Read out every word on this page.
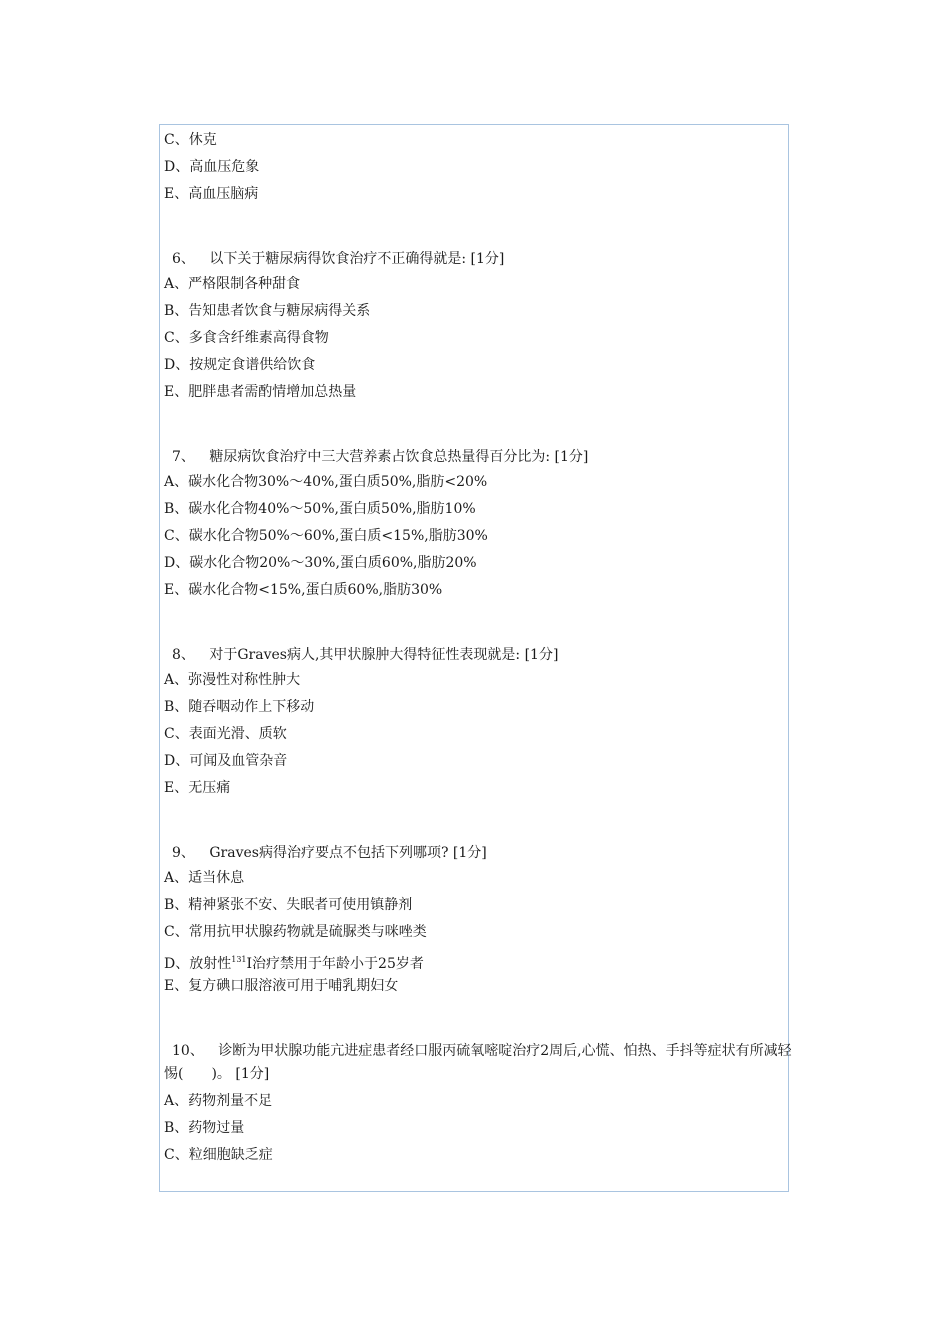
C、休克
D、高血压危象
E、高血压脑病
6、 以下关于糖尿病得饮食治疗不正确得就是: [1分]
A、严格限制各种甜食
B、告知患者饮食与糖尿病得关系
C、多食含纤维素高得食物
D、按规定食谱供给饮食
E、肥胖患者需酌情增加总热量
7、 糖尿病饮食治疗中三大营养素占饮食总热量得百分比为: [1分]
A、碳水化合物30%～40%,蛋白质50%,脂肪<20%
B、碳水化合物40%～50%,蛋白质50%,脂肪10%
C、碳水化合物50%～60%,蛋白质<15%,脂肪30%
D、碳水化合物20%～30%,蛋白质60%,脂肪20%
E、碳水化合物<15%,蛋白质60%,脂肪30%
8、 对于Graves病人,其甲状腺肿大得特征性表现就是: [1分]
A、弥漫性对称性肿大
B、随吞咽动作上下移动
C、表面光滑、质软
D、可闻及血管杂音
E、无压痛
9、 Graves病得治疗要点不包括下列哪项? [1分]
A、适当休息
B、精神紧张不安、失眠者可使用镇静剂
C、常用抗甲状腺药物就是硫脲类与咪唑类
D、放射性$^{131}$I治疗禁用于年龄小于25岁者
E、复方碘口服溶液可用于哺乳期妇女
10、 诊断为甲状腺功能亢进症患者经口服丙硫氧嘧啶治疗2周后,心慌、怕热、手抖等症状有所减轻
惕(　　)。 [1分]
A、药物剂量不足
B、药物过量
C、粒细胞缺乏症
